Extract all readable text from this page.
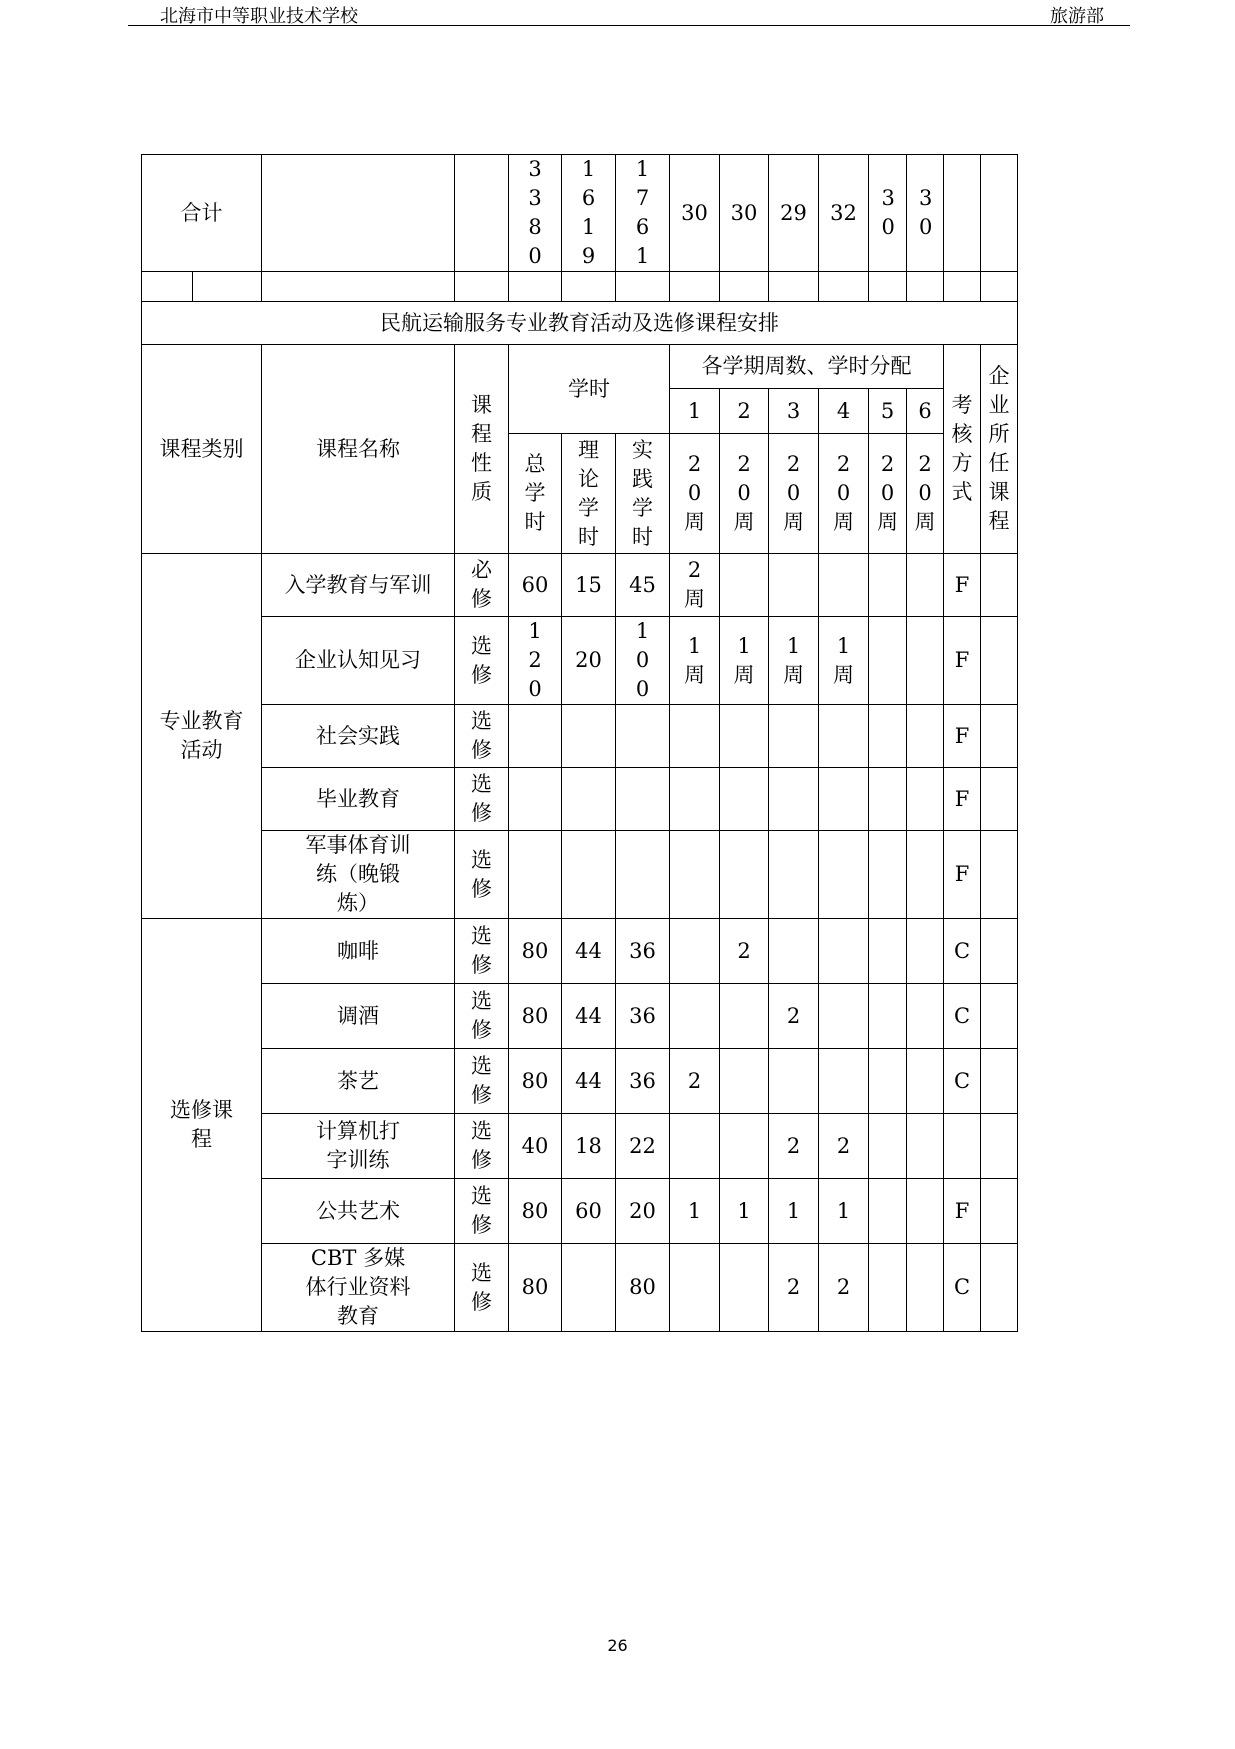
北海市中等职业技术学校	旅游部
合计			3380	1619	1761	30	30	29	32	30	30		

民航运输服务专业教育活动及选修课程安排													
课程类别	课程名称	课程性质	学时			各学期周数、学时分配						考核方式	企业所任课程
						1	2	3	4	5	6		
			总学时	理论学时	实践学时	20周	20周	20周	20周	20周	20周		
专业教育活动	入学教育与军训	必修	60	15	45	2周						F	
	企业认知见习	选修	120	20	100	1周	1周	1周	1周			F	
	社会实践	选修										F	
	毕业教育	选修										F	
	军事体育训练（晚锻炼）	选修										F	
选修课程	咖啡	选修	80	44	36		2					C	
	调酒	选修	80	44	36			2				C	
	茶艺	选修	80	44	36	2						C	
	计算机打字训练	选修	40	18	22			2	2				
	公共艺术	选修	80	60	20	1	1	1	1			F	
	CBT 多媒体行业资料教育	选修	80		80			2	2			C	
26
